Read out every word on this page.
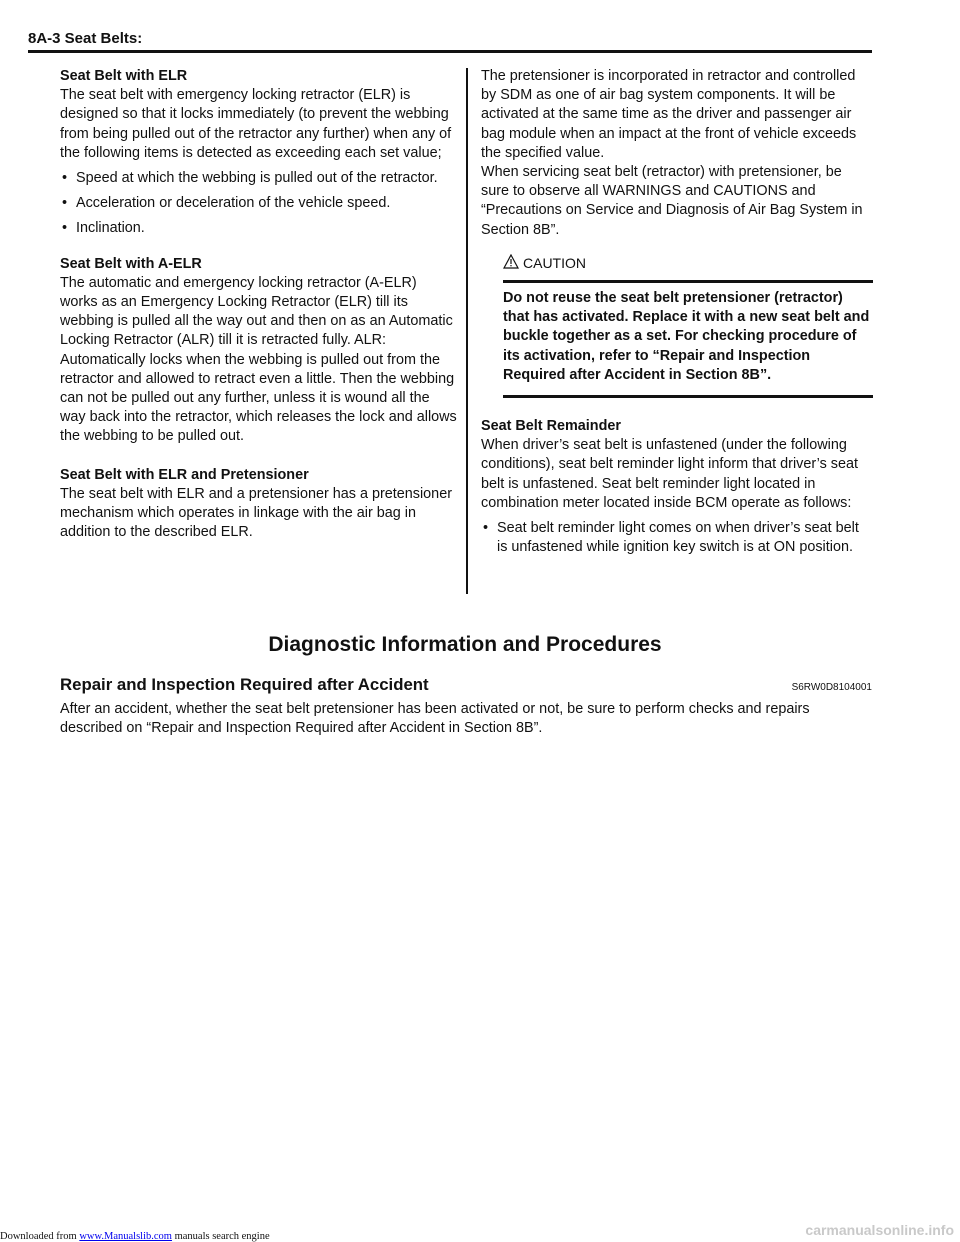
8A-3 Seat Belts:
Seat Belt with ELR

The seat belt with emergency locking retractor (ELR) is designed so that it locks immediately (to prevent the webbing from being pulled out of the retractor any further) when any of the following items is detected as exceeding each set value;

• Speed at which the webbing is pulled out of the retractor.
• Acceleration or deceleration of the vehicle speed.
• Inclination.
Seat Belt with A-ELR

The automatic and emergency locking retractor (A-ELR) works as an Emergency Locking Retractor (ELR) till its webbing is pulled all the way out and then on as an Automatic Locking Retractor (ALR) till it is retracted fully. ALR: Automatically locks when the webbing is pulled out from the retractor and allowed to retract even a little. Then the webbing can not be pulled out any further, unless it is wound all the way back into the retractor, which releases the lock and allows the webbing to be pulled out.

Seat Belt with ELR and Pretensioner

The seat belt with ELR and a pretensioner has a pretensioner mechanism which operates in linkage with the air bag in addition to the described ELR.

The pretensioner is incorporated in retractor and controlled by SDM as one of air bag system components. It will be activated at the same time as the driver and passenger air bag module when an impact at the front of vehicle exceeds the specified value.

When servicing seat belt (retractor) with pretensioner, be sure to observe all WARNINGS and CAUTIONS and “Precautions on Service and Diagnosis of Air Bag System in Section 8B”.

CAUTION
Do not reuse the seat belt pretensioner (retractor) that has activated. Replace it with a new seat belt and buckle together as a set. For checking procedure of its activation, refer to “Repair and Inspection Required after Accident in Section 8B”.
Seat Belt Remainder

When driver’s seat belt is unfastened (under the following conditions), seat belt reminder light inform that driver’s seat belt is unfastened. Seat belt reminder light located in combination meter located inside BCM operate as follows:

• Seat belt reminder light comes on when driver’s seat belt is unfastened while ignition key switch is at ON position.
Diagnostic Information and Procedures
Repair and Inspection Required after Accident	S6RW0D8104001
After an accident, whether the seat belt pretensioner has been activated or not, be sure to perform checks and repairs described on “Repair and Inspection Required after Accident in Section 8B”.
Downloaded from www.Manualslib.com manuals search engine	carmanualsonline.info
